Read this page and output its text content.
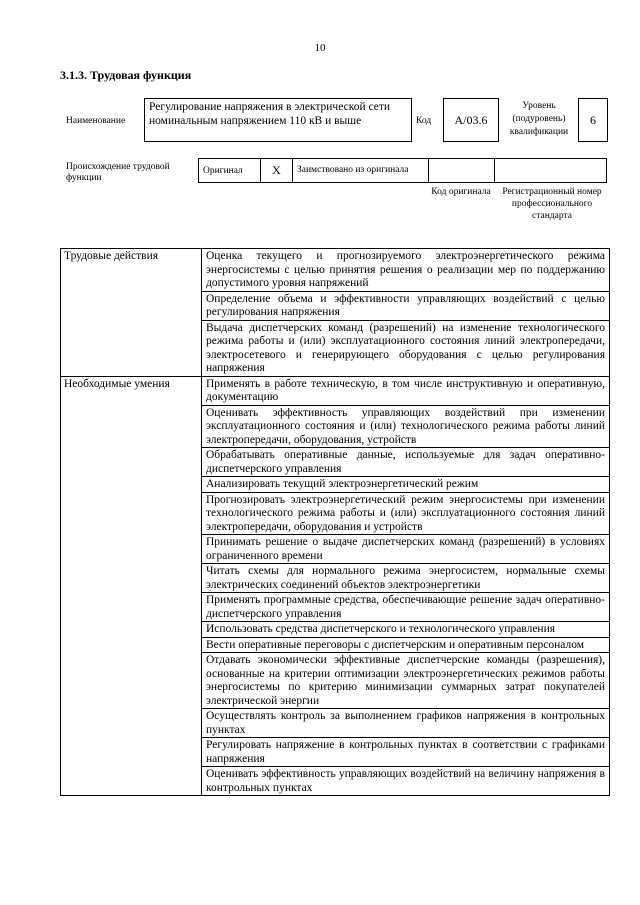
10
3.1.3. Трудовая функция
Наименование
Регулирование напряжения в электрической сети номинальным напряжением 110 кВ и выше	Код	A/03.6
Уровень (подуровень) квалификации
6
Происхождение трудовой функции
Оригинал	X	Заимствовано из оригинала		
Код оригинала	Регистрационный номер профессионального стандарта
Трудовые действия	Оценка текущего и прогнозируемого электроэнергетического режима энергосистемы с целью принятия решения о реализации мер по поддержанию допустимого уровня напряжений
	Определение объема и эффективности управляющих воздействий с целью регулирования напряжения
	Выдача диспетчерских команд (разрешений) на изменение технологического режима работы и (или) эксплуатационного состояния линий электропередачи, электросетевого и генерирующего оборудования с целью регулирования напряжения
Необходимые умения	Применять в работе техническую, в том числе инструктивную и оперативную, документацию
	Оценивать эффективность управляющих воздействий при изменении эксплуатационного состояния и (или) технологического режима работы линий электропередачи, оборудования, устройств
	Обрабатывать оперативные данные, используемые для задач оперативно-диспетчерского управления
	Анализировать текущий электроэнергетический режим
	Прогнозировать электроэнергетический режим энергосистемы при изменении технологического режима работы и (или) эксплуатационного состояния линий электропередачи, оборудования и устройств
	Принимать решение о выдаче диспетчерских команд (разрешений) в условиях ограниченного времени
	Читать схемы для нормального режима энергосистем, нормальные схемы электрических соединений объектов электроэнергетики
	Применять программные средства, обеспечивающие решение задач оперативно-диспетчерского управления
	Использовать средства диспетчерского и технологического управления
	Вести оперативные переговоры с диспетчерским и оперативным персоналом
	Отдавать экономически эффективные диспетчерские команды (разрешения), основанные на критерии оптимизации электроэнергетических режимов работы энергосистемы по критерию минимизации суммарных затрат покупателей электрической энергии
	Осуществлять контроль за выполнением графиков напряжения в контрольных пунктах
	Регулировать напряжение в контрольных пунктах в соответствии с графиками напряжения
	Оценивать эффективность управляющих воздействий на величину напряжения в контрольных пунктах
